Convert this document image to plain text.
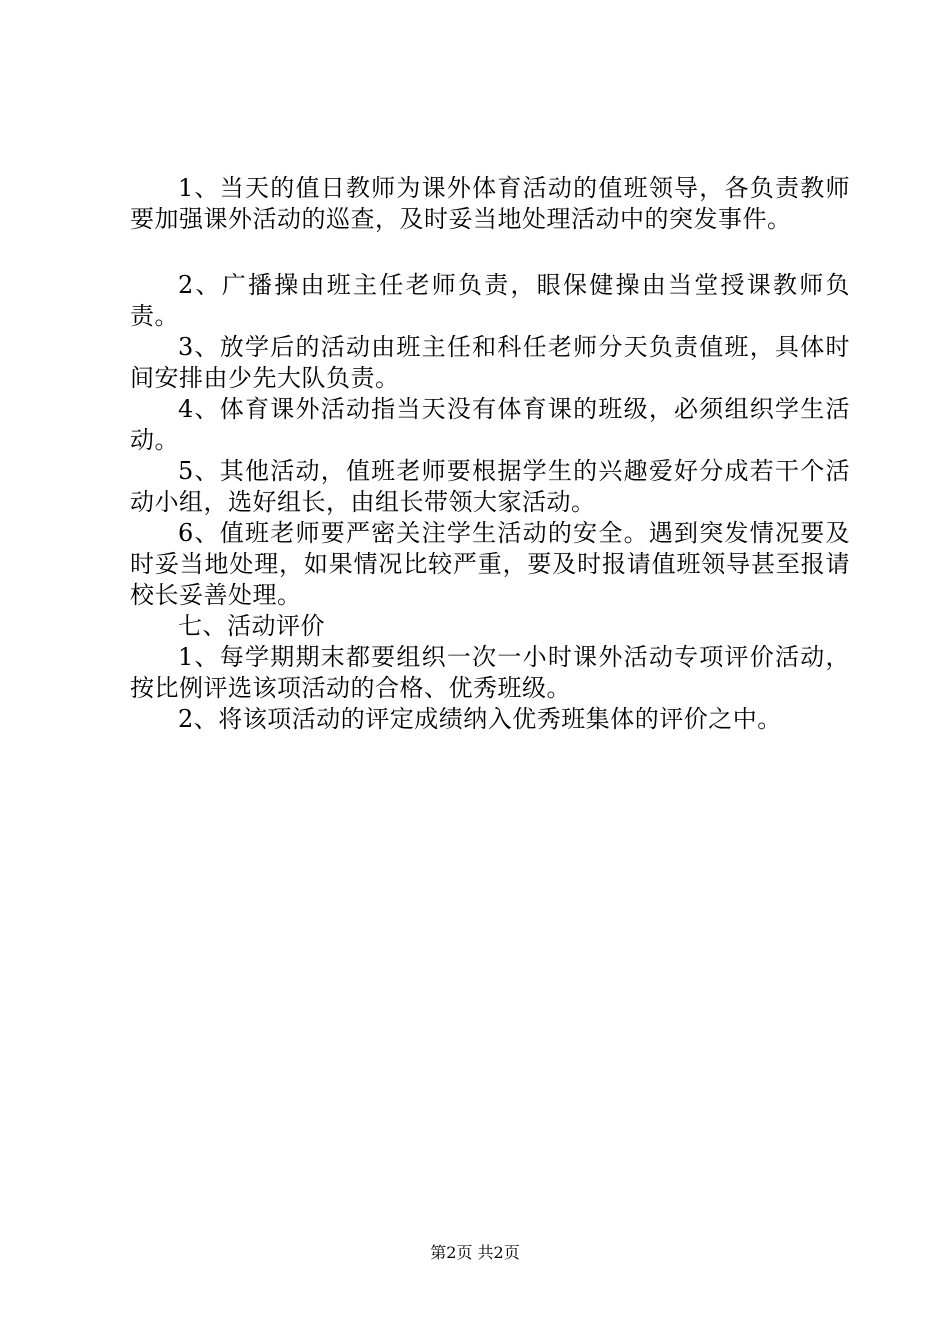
1、当天的值日教师为课外体育活动的值班领导，各负责教师要加强课外活动的巡查，及时妥当地处理活动中的突发事件。

2、广播操由班主任老师负责，眼保健操由当堂授课教师负责。

3、放学后的活动由班主任和科任老师分天负责值班，具体时间安排由少先大队负责。

4、体育课外活动指当天没有体育课的班级，必须组织学生活动。

5、其他活动，值班老师要根据学生的兴趣爱好分成若干个活动小组，选好组长，由组长带领大家活动。

6、值班老师要严密关注学生活动的安全。遇到突发情况要及时妥当地处理，如果情况比较严重，要及时报请值班领导甚至报请校长妥善处理。

七、活动评价

1、每学期期末都要组织一次一小时课外活动专项评价活动，按比例评选该项活动的合格、优秀班级。

2、将该项活动的评定成绩纳入优秀班集体的评价之中。

第2页 共2页
